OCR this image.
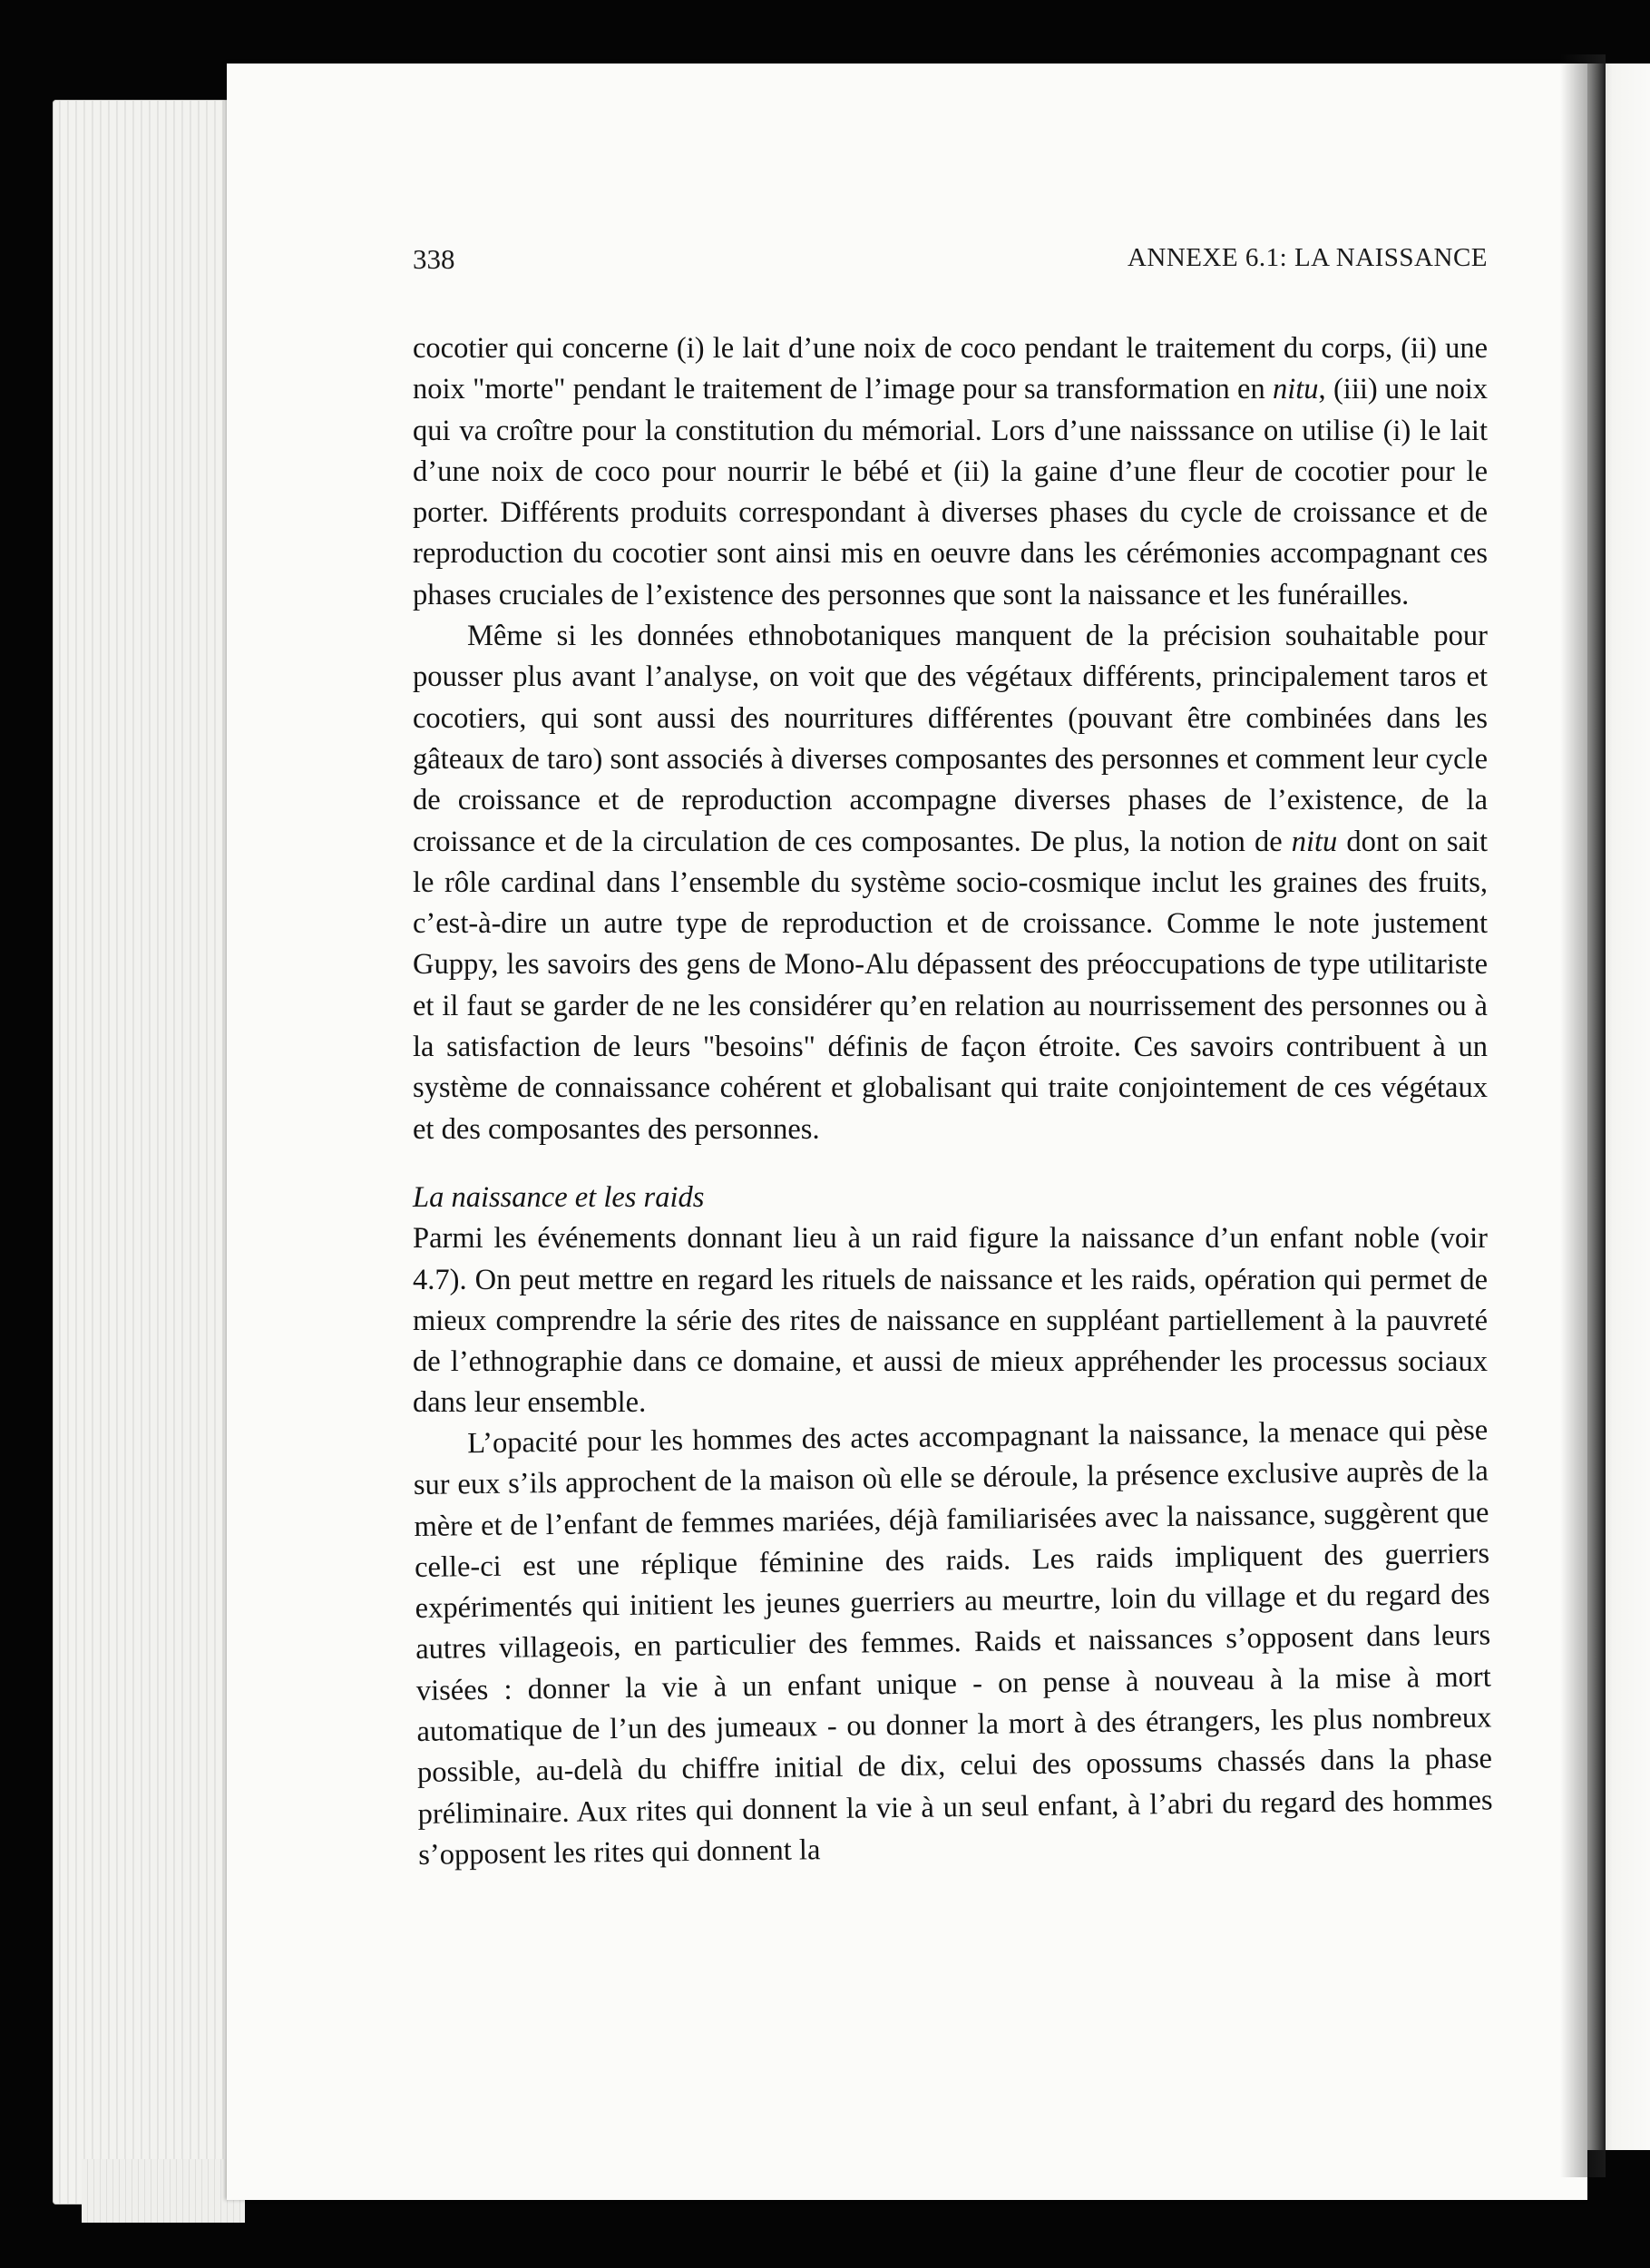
338	ANNEXE 6.1: LA NAISSANCE

cocotier qui concerne (i) le lait d’une noix de coco pendant le traitement du corps, (ii) une noix "morte" pendant le traitement de l’image pour sa transformation en nitu, (iii) une noix qui va croître pour la constitution du mémorial. Lors d’une naisssance on utilise (i) le lait d’une noix de coco pour nourrir le bébé et (ii) la gaine d’une fleur de cocotier pour le porter. Différents produits correspondant à diverses phases du cycle de croissance et de reproduction du cocotier sont ainsi mis en oeuvre dans les cérémonies accompagnant ces phases cruciales de l’existence des personnes que sont la naissance et les funérailles.

Même si les données ethnobotaniques manquent de la précision souhaitable pour pousser plus avant l’analyse, on voit que des végétaux différents, principalement taros et cocotiers, qui sont aussi des nourritures différentes (pouvant être combinées dans les gâteaux de taro) sont associés à diverses composantes des personnes et comment leur cycle de croissance et de reproduction accompagne diverses phases de l’existence, de la croissance et de la circulation de ces composantes. De plus, la notion de nitu dont on sait le rôle cardinal dans l’ensemble du système socio-cosmique inclut les graines des fruits, c’est-à-dire un autre type de reproduction et de croissance. Comme le note justement Guppy, les savoirs des gens de Mono-Alu dépassent des préoccupations de type utilitariste et il faut se garder de ne les considérer qu’en relation au nourrissement des personnes ou à la satisfaction de leurs "besoins" définis de façon étroite. Ces savoirs contribuent à un système de connaissance cohérent et globalisant qui traite conjointement de ces végétaux et des composantes des personnes.

La naissance et les raids

Parmi les événements donnant lieu à un raid figure la naissance d’un enfant noble (voir 4.7). On peut mettre en regard les rituels de naissance et les raids, opération qui permet de mieux comprendre la série des rites de naissance en suppléant partiellement à la pauvreté de l’ethnographie dans ce domaine, et aussi de mieux appréhender les processus sociaux dans leur ensemble.

L’opacité pour les hommes des actes accompagnant la naissance, la menace qui pèse sur eux s’ils approchent de la maison où elle se déroule, la présence exclusive auprès de la mère et de l’enfant de femmes mariées, déjà familiarisées avec la naissance, suggèrent que celle-ci est une réplique féminine des raids. Les raids impliquent des guerriers expérimentés qui initient les jeunes guerriers au meurtre, loin du village et du regard des autres villageois, en particulier des femmes. Raids et naissances s’opposent dans leurs visées : donner la vie à un enfant unique - on pense à nouveau à la mise à mort automatique de l’un des jumeaux - ou donner la mort à des étrangers, les plus nombreux possible, au-delà du chiffre initial de dix, celui des opossums chassés dans la phase préliminaire. Aux rites qui donnent la vie à un seul enfant, à l’abri du regard des hommes s’opposent les rites qui donnent la
